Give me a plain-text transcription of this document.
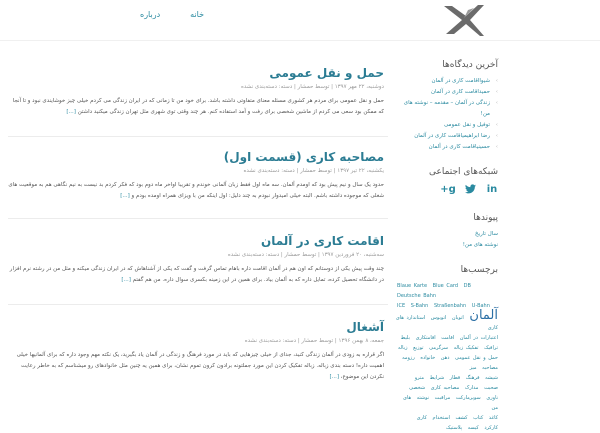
خانه
درباره
حمل و نقل عمومی
دوشنبه، ۲۲ مهر ۱۳۹۷ | توسط حمشار | دسته: دسته‌بندی نشده

حمل و نقل عمومی برای مردم هر کشوری مسئله معنای متفاوتی داشته باشد. برای خود من تا زمانی که در ایران زندگی می کردم خیلی چیز خوشایندی نبود و تا آنجا که ممکن بود سعی می کردم از ماشین شخصی برای رفت و آمد استفاده کنم. هر چند وقتی توی شهری مثل تهران زندگی میکنید داشتن [...]

مصاحبه کاری (قسمت اول)
یکشنبه، ۲۲ تیر ۱۳۹۷ | توسط حمشار | دسته: دسته‌بندی نشده

حدود یک سال و نیم پیش بود که اومدم آلمان. سه ماه اول فقط زبان آلمانی خوندم و تقریبا اواخر ماه دوم بود که فکر کردم بد نیست به نیم نگاهی هم به موقعیت های شغلی که موجوده داشته باشم. البته خیلی امیدوار نبودم به چند دلیل: اول اینکه من با ویزای همراه اومده بودم و [...]

اقامت کاری در آلمان
سه‌شنبه، ۲۰ فروردین ۱۳۹۷ | توسط حمشار | دسته: دسته‌بندی نشده

چند وقت پیش یکی از دوستانم که اون هم در آلمان اقامت داره باهام تماس گرفت و گفت که یکی از آشناهاش که در ایران زندگی میکنه و مثل من در رشته نرم افزار در دانشگاه تحصیل کرده، تمایل داره که به آلمان بیاد. برای همین در این زمینه بکسری سوال داره. من هم گفتم [...]

آشغال
جمعه، ۸ بهمن ۱۳۹۶ | توسط حمشار | دسته: دسته‌بندی نشده

اگر قراره به زودی در آلمان زندگی کنید، جدای از خیلی چیزهایی که باید در مورد فرهنگ و زندگی در آلمان یاد بگیرید، یک نکته مهم وجود داره که برای آلمانیها خیلی اهمیت داره! دسته بندی زباله. زباله تفکیک کردن این مورد جملتونه برادون کرون تموم نشان، برای همین یه چنین مثل خانوادهای رو میشناسم که به خاطر رعایت نکردن این موضوع، [...]

آخرین دیدگاه‌ها
› شیوااقامت کاری در آلمان
› حمیداقامت کاری در آلمان
› زندگی در آلمان – مقدمه – نوشته های من!
› توفیل و نقل عمومی
› رضا ابراهیمیاقامت کاری در آلمان
› حسینیاقامت کاری در آلمان
شبکه‌های اجتماعی
g+	in
پیوندها
سال تاریخ
نوشته های من!
برچسب‌ها
Blaue Karte Blue Card DB Deutsche Bahn
ICE S-Bahn Straßenbahn U-Bahn
آلمان اتوبان اتوبوس استاندارد های کاری
اعتبارات در آلمان اقامت اقامتکاری بلیط
ترافیک تفکیک زباله سرگرمی توزیع زباله
حمل و نقل عمومی دهن خانواده رزومه مصاحبه میز
شیشه فرهنگ قطار شرایط مترو
صحبت مدارک مصاحبه کاری شخصی
ناوری سوپرمارکت مراقبت نوشته های من
کاغذ کتاب کشف استخدام کاری
کارکرد کیسه پلاستیک
